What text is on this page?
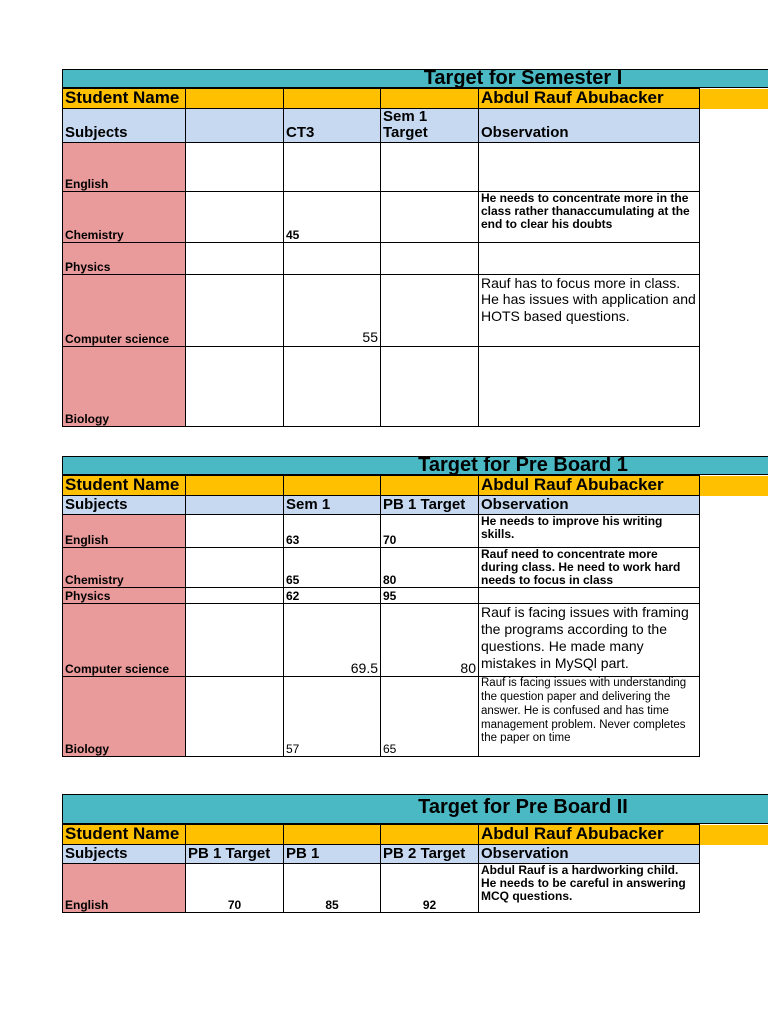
Target for Semester I
Student Name				Abdul Rauf Abubacker
Subjects		CT3	Sem 1 Target	Observation
English				
Chemistry		45		He needs to concentrate more in the class rather thanaccumulating at the end to clear his doubts
Physics				
Computer science		55		Rauf has to focus more in class. He has issues with application and HOTS based questions.
Biology				
Target for Pre Board 1
Student Name				Abdul Rauf Abubacker
Subjects		Sem 1	PB 1 Target	Observation
English		63	70	He needs to improve his writing skills.
Chemistry		65	80	Rauf need to concentrate more during class. He need to work hard needs to focus in class
Physics		62	95	
Computer science		69.5	80	Rauf is facing issues with framing the programs according to the questions. He made many mistakes in MySQl part.
Biology		57	65	Rauf is facing issues with understanding the question paper and delivering the answer. He is confused and has time management problem. Never completes the paper on time
Target for Pre Board II
Student Name				Abdul Rauf Abubacker
Subjects	PB 1 Target	PB 1	PB 2 Target	Observation
English	70	85	92	Abdul Rauf is a hardworking child. He needs to be careful in answering MCQ questions.
